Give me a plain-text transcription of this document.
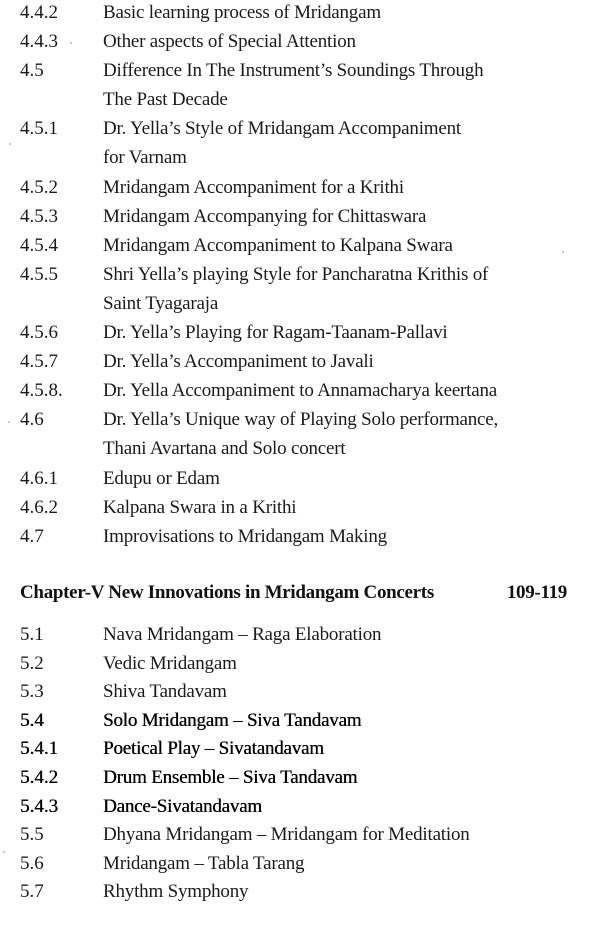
4.4.2	Basic learning process of Mridangam
4.4.3	Other aspects of Special Attention
4.5	Difference In The Instrument’s Soundings Through
The Past Decade
4.5.1	Dr. Yella’s Style of Mridangam Accompaniment
for Varnam
4.5.2	Mridangam Accompaniment for a Krithi
4.5.3	Mridangam Accompanying for Chittaswara
4.5.4	Mridangam Accompaniment to Kalpana Swara
4.5.5	Shri Yella’s playing Style for Pancharatna Krithis of
Saint Tyagaraja
4.5.6	Dr. Yella’s Playing for Ragam-Taanam-Pallavi
4.5.7	Dr. Yella’s Accompaniment to Javali
4.5.8.	Dr. Yella Accompaniment to Annamacharya keertana
4.6	Dr. Yella’s Unique way of Playing Solo performance,
Thani Avartana and Solo concert
4.6.1	Edupu or Edam
4.6.2	Kalpana Swara in a Krithi
4.7	Improvisations to Mridangam Making
Chapter-V New Innovations in Mridangam Concerts	109-119
5.1	Nava Mridangam – Raga Elaboration
5.2	Vedic Mridangam
5.3	Shiva Tandavam
5.4	Solo Mridangam – Siva Tandavam
5.4.1	Poetical Play – Sivatandavam
5.4.2	Drum Ensemble – Siva Tandavam
5.4.3	Dance-Sivatandavam
5.5	Dhyana Mridangam – Mridangam for Meditation
5.6	Mridangam – Tabla Tarang
5.7	Rhythm Symphony
